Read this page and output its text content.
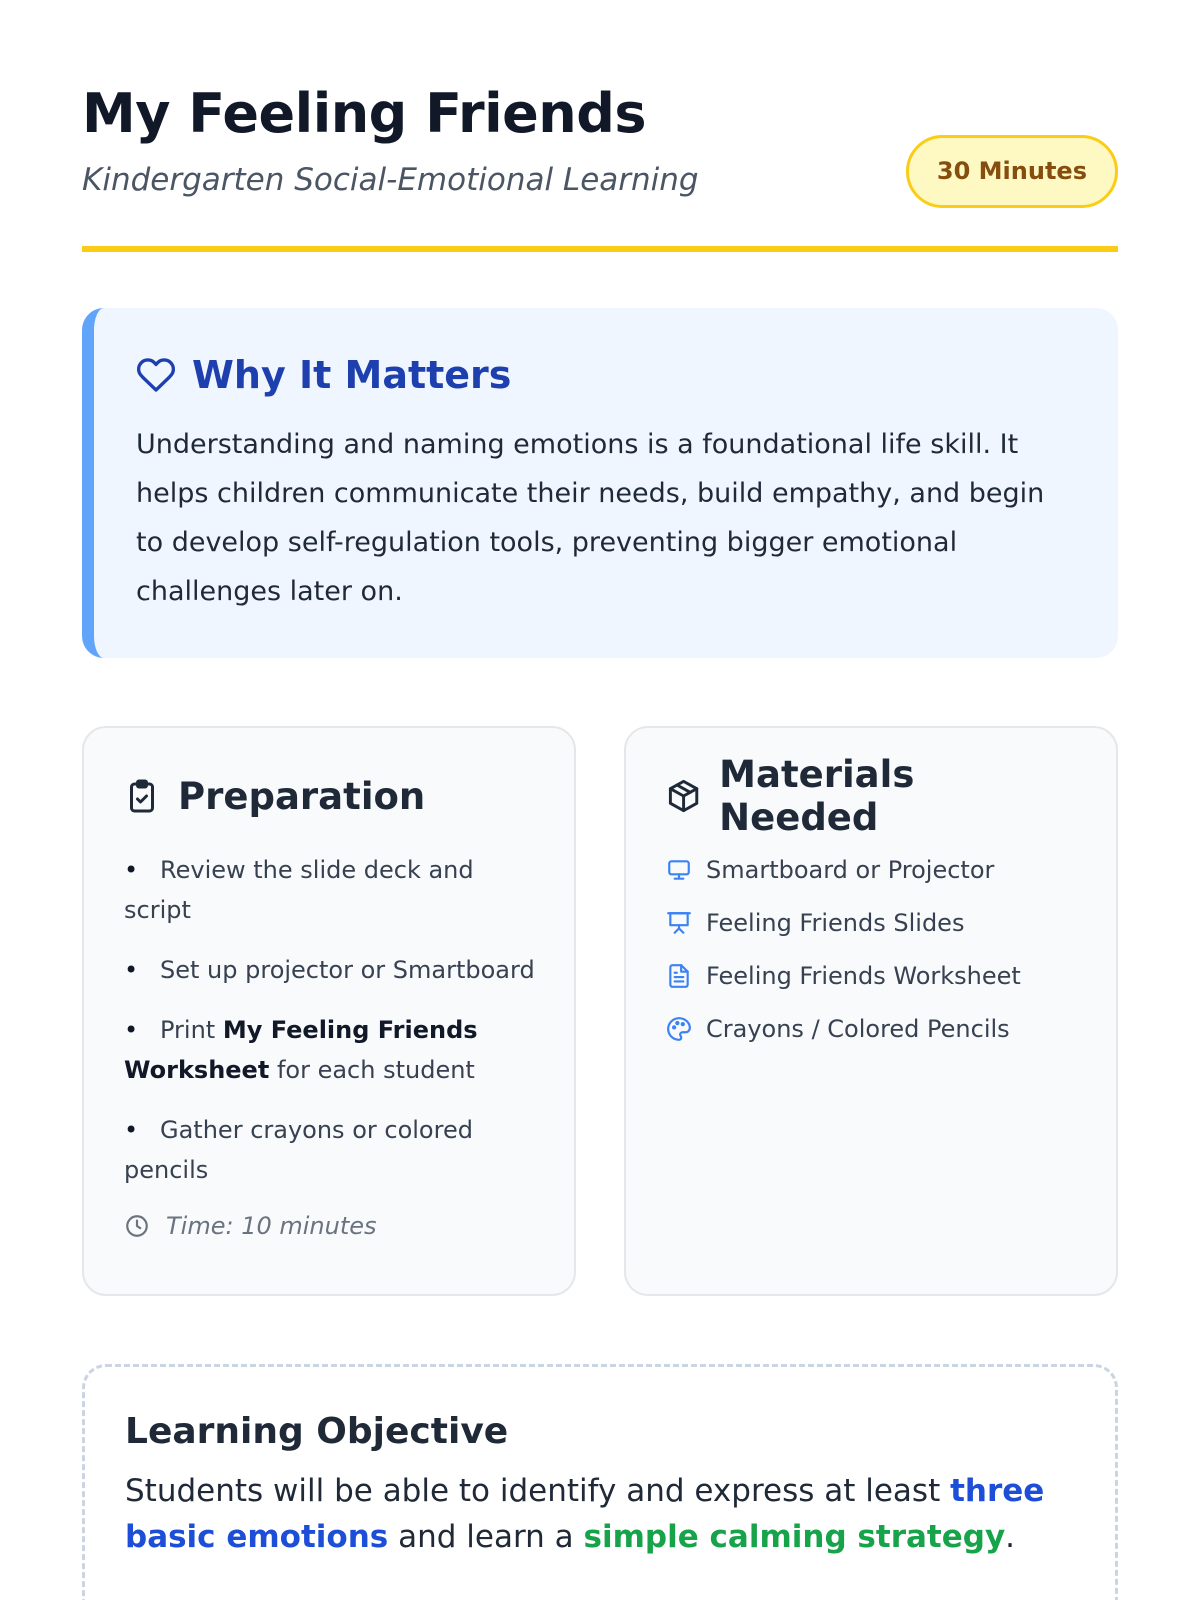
My Feeling Friends
Kindergarten Social-Emotional Learning	30 Minutes
Why It Matters

Understanding and naming emotions is a foundational life skill. It helps children communicate their needs, build empathy, and begin to develop self-regulation tools, preventing bigger emotional challenges later on.

Preparation
• Review the slide deck and script
• Set up projector or Smartboard
• Print My Feeling Friends Worksheet for each student
• Gather crayons or colored pencils
Time: 10 minutes
Materials Needed
Smartboard or Projector
Feeling Friends Slides
Feeling Friends Worksheet
Crayons / Colored Pencils
Learning Objective

Students will be able to identify and express at least three basic emotions and learn a simple calming strategy.
